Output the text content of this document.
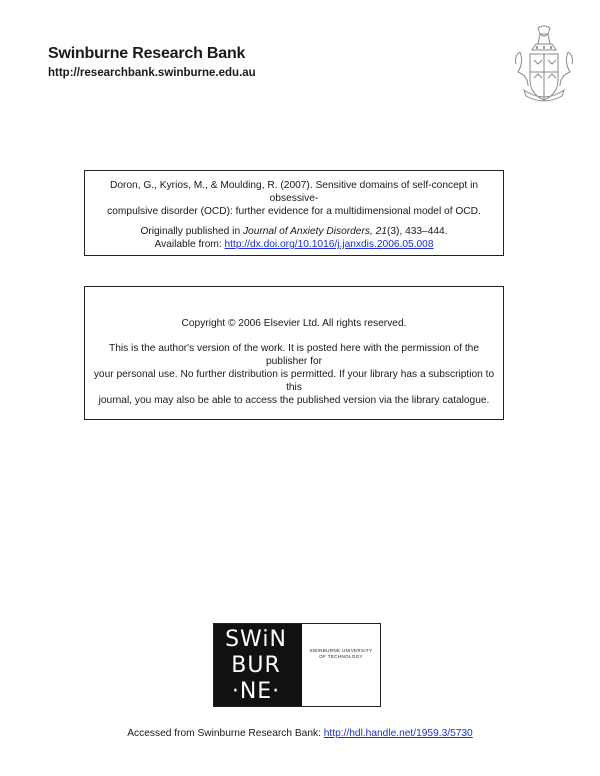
Swinburne Research Bank
http://researchbank.swinburne.edu.au

Doron, G., Kyrios, M., & Moulding, R. (2007). Sensitive domains of self-concept in obsessive-

compulsive disorder (OCD): further evidence for a multidimensional model of OCD.

Originally published in Journal of Anxiety Disorders, 21(3), 433–444.

Available from: http://dx.doi.org/10.1016/j.janxdis.2006.05.008

Copyright © 2006 Elsevier Ltd. All rights reserved.

This is the author's version of the work. It is posted here with the permission of the publisher for

your personal use. No further distribution is permitted. If your library has a subscription to this

journal, you may also be able to access the published version via the library catalogue.

SWiN
BUR
·NE·
SWINBURNE UNIVERSITY
OF TECHNOLOGY
Accessed from Swinburne Research Bank: http://hdl.handle.net/1959.3/5730
